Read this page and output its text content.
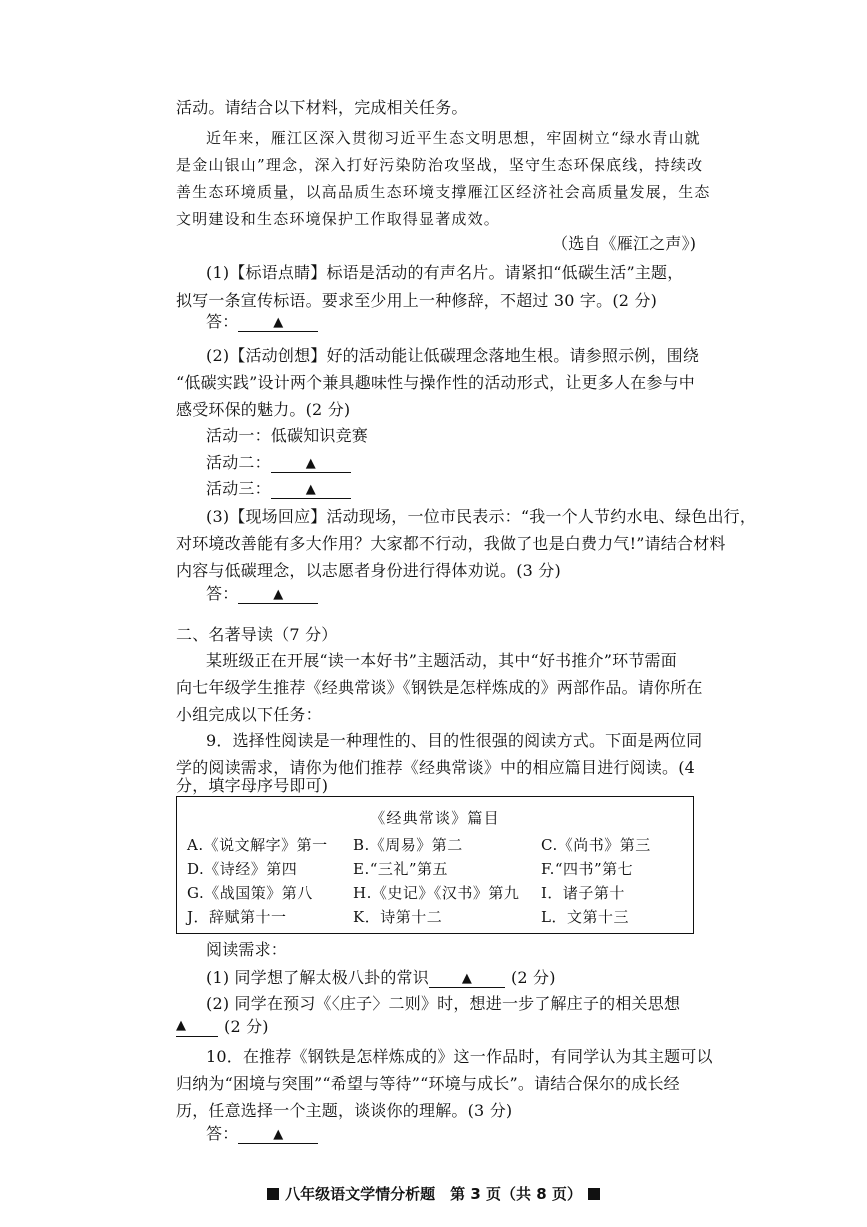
活动。请结合以下材料，完成相关任务。
近年来，雁江区深入贯彻习近平生态文明思想，牢固树立“绿水青山就
是金山银山”理念，深入打好污染防治攻坚战，坚守生态环保底线，持续改
善生态环境质量，以高品质生态环境支撑雁江区经济社会高质量发展，生态
文明建设和生态环境保护工作取得显著成效。
（选自《雁江之声》)
(1)【标语点睛】标语是活动的有声名片。请紧扣“低碳生活”主题，
拟写一条宣传标语。要求至少用上一种修辞，不超过 30 字。(2 分)
答：	▲
(2)【活动创想】好的活动能让低碳理念落地生根。请参照示例，围绕
“低碳实践”设计两个兼具趣味性与操作性的活动形式，让更多人在参与中
感受环保的魅力。(2 分)
活动一：低碳知识竞赛
活动二：	▲
活动三：	▲
(3)【现场回应】活动现场，一位市民表示：“我一个人节约水电、绿色出行，
对环境改善能有多大作用？大家都不行动，我做了也是白费力气!”请结合材料
内容与低碳理念，以志愿者身份进行得体劝说。(3 分)
答：	▲
二、名著导读（7 分）
某班级正在开展“读一本好书”主题活动，其中“好书推介”环节需面
向七年级学生推荐《经典常谈》《钢铁是怎样炼成的》两部作品。请你所在
小组完成以下任务：
9．选择性阅读是一种理性的、目的性很强的阅读方式。下面是两位同
学的阅读需求，请你为他们推荐《经典常谈》中的相应篇目进行阅读。(4
分，填字母序号即可)
《经典常谈》篇目
A.《说文解字》第一 B.《周易》第二	C.《尚书》第三
D.《诗经》第四	E.“三礼”第五	F.“四书”第七
G.《战国策》第八	H.《史记》《汉书》第九 I．诸子第十
J．辞赋第十一	K．诗第十二	L．文第十三
阅读需求：
(1) 同学想了解太极八卦的常识	▲ (2 分)
(2) 同学在预习《〈庄子〉二则》时，想进一步了解庄子的相关思想
▲ (2 分)
10．在推荐《钢铁是怎样炼成的》这一作品时，有同学认为其主题可以
归纳为“困境与突围”“希望与等待”“环境与成长”。请结合保尔的成长经
历，任意选择一个主题，谈谈你的理解。(3 分)
答：	▲
八年级语文学情分析题　第 3 页（共 8 页）
